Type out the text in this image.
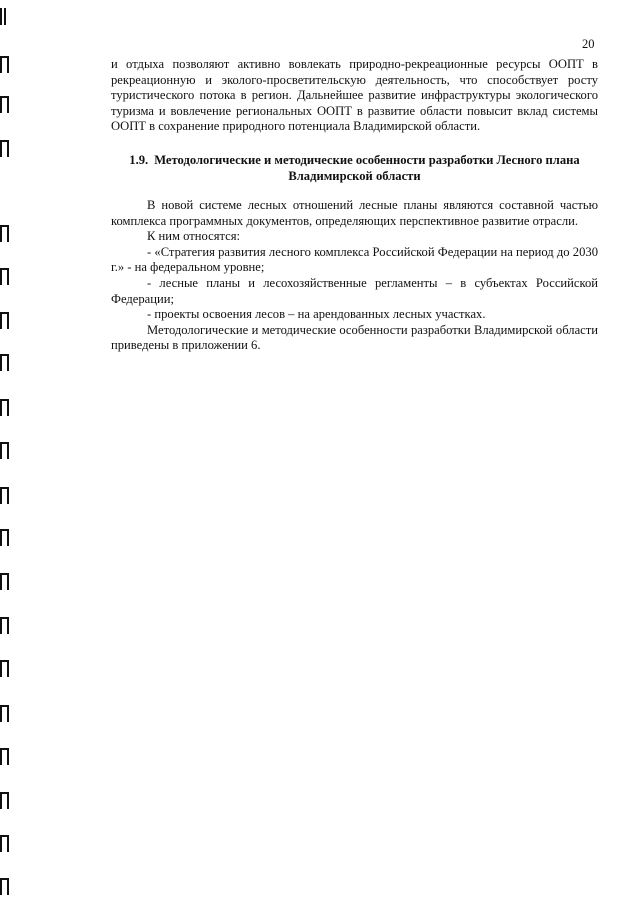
20

и отдыха позволяют активно вовлекать природно-рекреационные ресурсы ООПТ в рекреационную и эколого-просветительскую деятельность, что способствует росту туристического потока в регион. Дальнейшее развитие инфраструктуры экологического туризма и вовлечение региональных ООПТ в развитие области повысит вклад системы ООПТ в сохранение природного потенциала Владимирской области.

1.9. Методологические и методические особенности разработки Лесного плана
Владимирской области

В новой системе лесных отношений лесные планы являются составной частью комплекса программных документов, определяющих перспективное развитие отрасли.

К ним относятся:

- «Стратегия развития лесного комплекса Российской Федерации на период до 2030 г.» - на федеральном уровне;

- лесные планы и лесохозяйственные регламенты – в субъектах Российской Федерации;

- проекты освоения лесов – на арендованных лесных участках.

Методологические и методические особенности разработки Владимирской области приведены в приложении 6.
